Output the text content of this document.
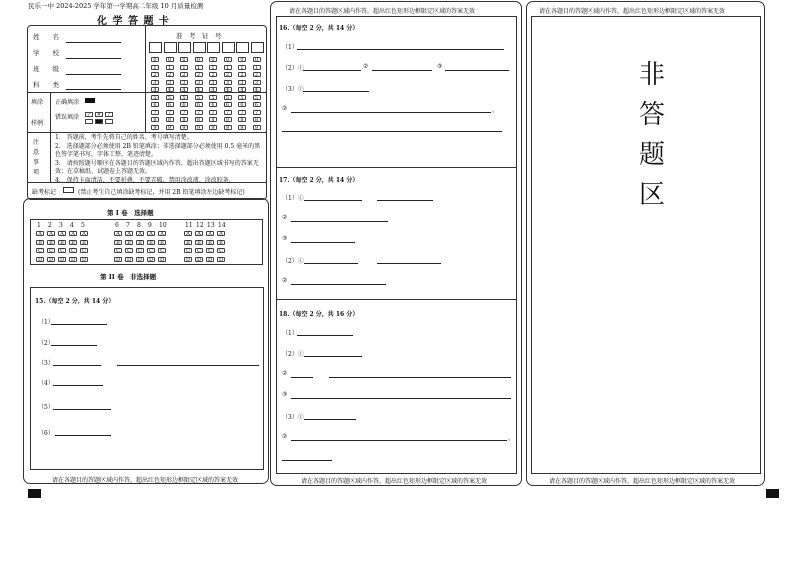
民乐一中 2024-2025 学年第一学期高二年级 10 月质量检测
化 学 答 题 卡
姓　　名
学　　校
班　　级
科　　类
准　考　证　号
0
1
2
3
4
5
6
7
8
9
0
1
2
3
4
5
6
7
8
9
0
1
2
3
4
5
6
7
8
9
0
1
2
3
4
5
6
7
8
9
0
1
2
3
4
5
6
7
8
9
0
1
2
3
4
5
6
7
8
9
0
1
2
3
4
5
6
7
8
9
0
1
2
3
4
5
6
7
8
9
填涂
样例
正确填涂
错误填涂	✓	✕	/
注意事项
1.　答题前，考生先将自己的姓名、考号填写清楚。
2.　选择题部分必须使用 2B 铅笔填涂；非选择题部分必须使用 0.5 毫米的黑色签字笔书写，字体工整、笔迹清楚。
3.　请按照题号顺序在各题目的答题区域内作答，超出答题区域书写的答案无效；在草稿纸、试题卷上答题无效。
4.　保持卡面清洁，不要折叠、不要弄破、禁用涂改液、涂改胶条。
缺考标记	(禁止考生自己填涂缺考标记，并用 2B 铅笔填涂左边缺考标记)
第 I 卷　选择题
1
A
B
C
D
2
A
B
C
D
3
A
B
C
D
4
A
B
C
D
5
A
B
C
D
6
A
B
C
D
7
A
B
C
D
8
A
B
C
D
9
A
B
C
D
10
A
B
C
D
11
A
B
C
D
12
A
B
C
D
13
A
B
C
D
14
A
B
C
D
第 II 卷　非选择题
15.（每空 2 分，共 14 分）
（1）
（2）
（3）
（4）
（5）
（6）
请在各题目的答题区域内作答，超出红色矩形边框限定区域的答案无效
请在各题目的答题区域内作答，超出红色矩形边框限定区域的答案无效
16.（每空 2 分，共 14 分）
（1）
（2）①	②	③
（3）①
②	。
17.（每空 2 分，共 14 分）
（1）①
②
③
（2）①
②
18.（每空 2 分，共 16 分）
（1）
（2）①
②
③
（3）①
②	。
请在各题目的答题区域内作答，超出红色矩形边框限定区域的答案无效
请在各题目的答题区域内作答，超出红色矩形边框限定区域的答案无效
非
答
题
区
请在各题目的答题区域内作答，超出红色矩形边框限定区域的答案无效
